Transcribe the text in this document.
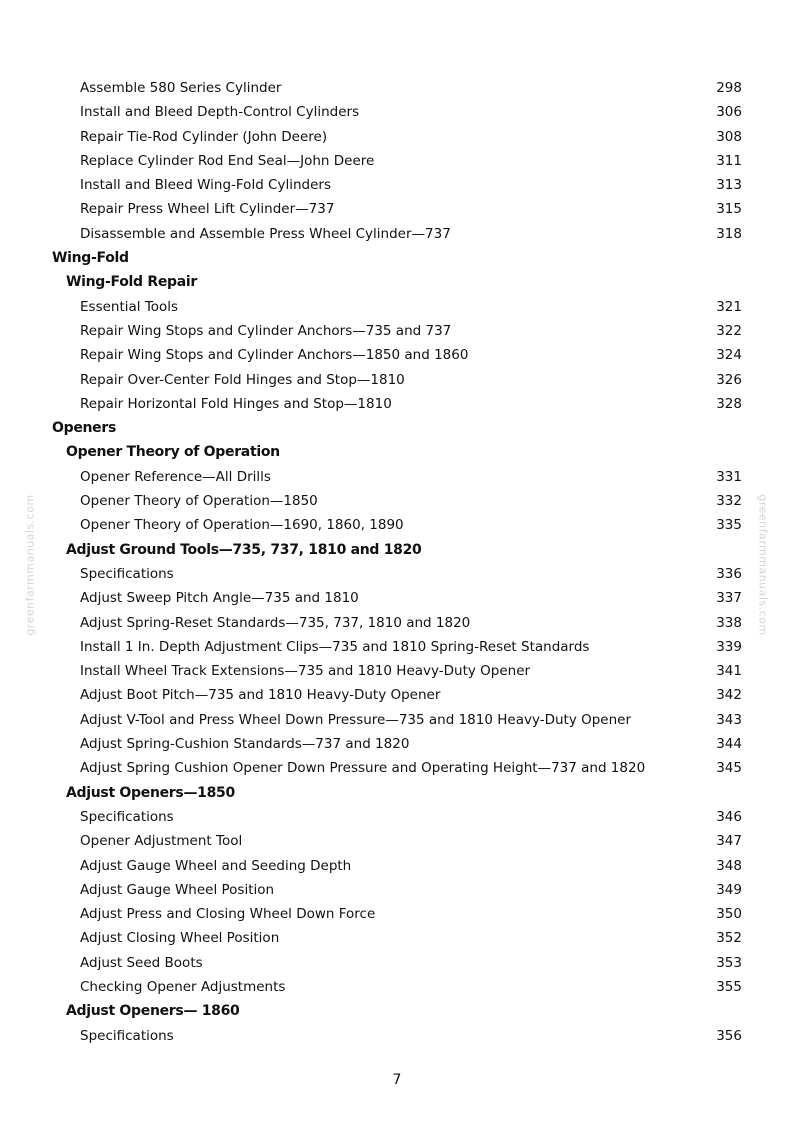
Assemble 580 Series Cylinder	298
Install and Bleed Depth-Control Cylinders	306
Repair Tie-Rod Cylinder (John Deere)	308
Replace Cylinder Rod End Seal—John Deere	311
Install and Bleed Wing-Fold Cylinders	313
Repair Press Wheel Lift Cylinder—737	315
Disassemble and Assemble Press Wheel Cylinder—737	318
Wing-Fold
Wing-Fold Repair
Essential Tools	321
Repair Wing Stops and Cylinder Anchors—735 and 737	322
Repair Wing Stops and Cylinder Anchors—1850 and 1860	324
Repair Over-Center Fold Hinges and Stop—1810	326
Repair Horizontal Fold Hinges and Stop—1810	328
Openers
Opener Theory of Operation
Opener Reference—All Drills	331
Opener Theory of Operation—1850	332
Opener Theory of Operation—1690, 1860, 1890	335
Adjust Ground Tools—735, 737, 1810 and 1820
Specifications	336
Adjust Sweep Pitch Angle—735 and 1810	337
Adjust Spring-Reset Standards—735, 737, 1810 and 1820	338
Install 1 In. Depth Adjustment Clips—735 and 1810 Spring-Reset Standards	339
Install Wheel Track Extensions—735 and 1810 Heavy-Duty Opener	341
Adjust Boot Pitch—735 and 1810 Heavy-Duty Opener	342
Adjust V-Tool and Press Wheel Down Pressure—735 and 1810 Heavy-Duty Opener	343
Adjust Spring-Cushion Standards—737 and 1820	344
Adjust Spring Cushion Opener Down Pressure and Operating Height—737 and 1820	345
Adjust Openers—1850
Specifications	346
Opener Adjustment Tool	347
Adjust Gauge Wheel and Seeding Depth	348
Adjust Gauge Wheel Position	349
Adjust Press and Closing Wheel Down Force	350
Adjust Closing Wheel Position	352
Adjust Seed Boots	353
Checking Opener Adjustments	355
Adjust Openers— 1860
Specifications	356
greenfarmmanuals.com	greenfarmmanuals.com
7
